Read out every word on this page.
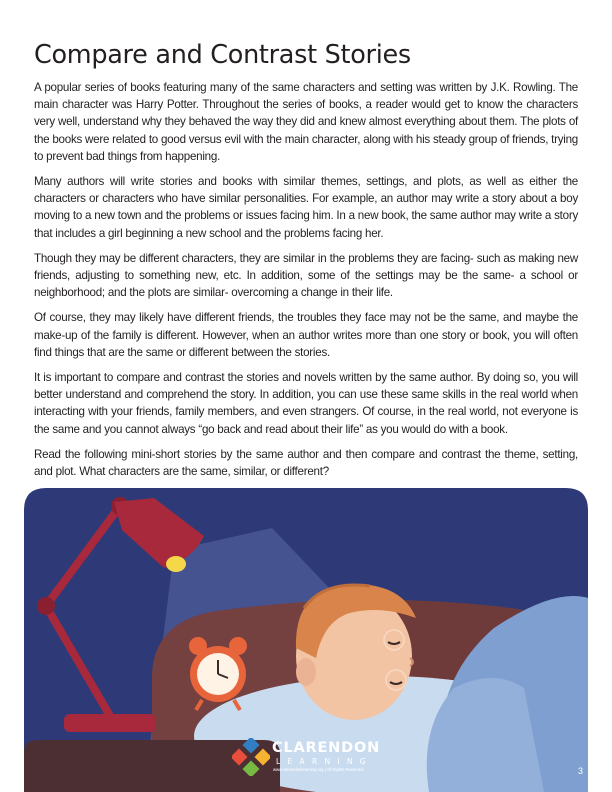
Compare and Contrast Stories

A popular series of books featuring many of the same characters and setting was written by J.K. Rowling. The main character was Harry Potter. Throughout the series of books, a reader would get to know the characters very well, understand why they behaved the way they did and knew almost everything about them. The plots of the books were related to good versus evil with the main character, along with his steady group of friends, trying to prevent bad things from happening.

Many authors will write stories and books with similar themes, settings, and plots, as well as either the characters or characters who have similar personalities. For example, an author may write a story about a boy moving to a new town and the problems or issues facing him. In a new book, the same author may write a story that includes a girl beginning a new school and the problems facing her.

Though they may be different characters, they are similar in the problems they are facing- such as making new friends, adjusting to something new, etc. In addition, some of the settings may be the same- a school or neighborhood; and the plots are similar- overcoming a change in their life.

Of course, they may likely have different friends, the troubles they face may not be the same, and maybe the make-up of the family is different. However, when an author writes more than one story or book, you will often find things that are the same or different between the stories.

It is important to compare and contrast the stories and novels written by the same author. By doing so, you will better understand and comprehend the story. In addition, you can use these same skills in the real world when interacting with your friends, family members, and even strangers. Of course, in the real world, not everyone is the same and you cannot always “go back and read about their life” as you would do with a book.

Read the following mini-short stories by the same author and then compare and contrast the theme, setting, and plot. What characters are the same, similar, or different?

CLARENDON
LEARNING
www.clarendonlearning.org | All Rights Reserved.	3
